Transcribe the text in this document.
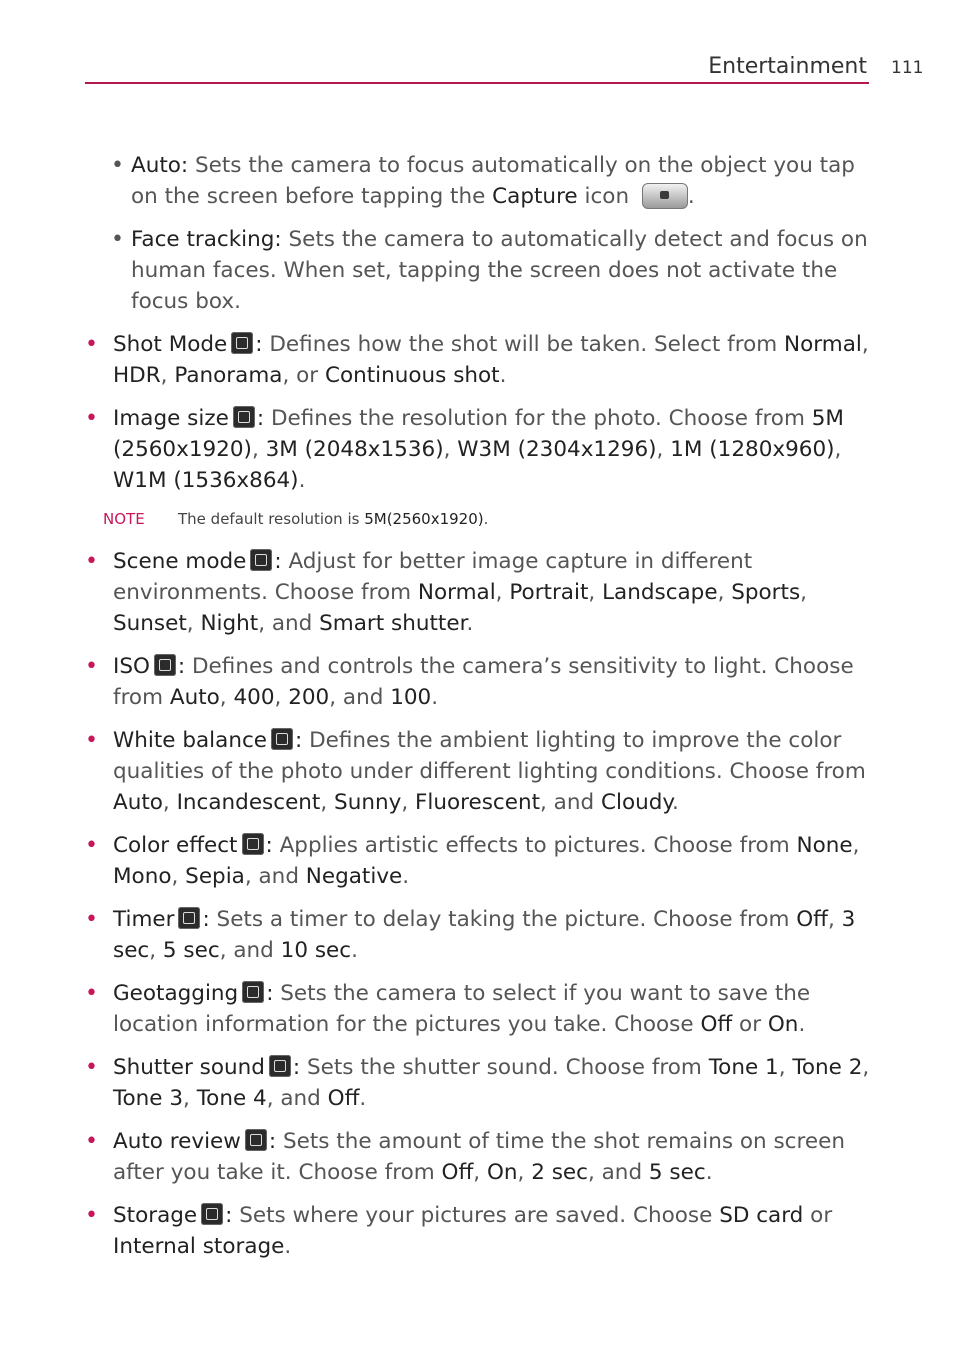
Entertainment 111
• Auto: Sets the camera to focus automatically on the object you tap on the screen before tapping the Capture icon .
• Face tracking: Sets the camera to automatically detect and focus on human faces. When set, tapping the screen does not activate the focus box.
• Shot Mode : Defines how the shot will be taken. Select from Normal, HDR, Panorama, or Continuous shot.
• Image size : Defines the resolution for the photo. Choose from 5M (2560x1920), 3M (2048x1536), W3M (2304x1296), 1M (1280x960), W1M (1536x864).
NOTE The default resolution is 5M(2560x1920).
• Scene mode : Adjust for better image capture in different environments. Choose from Normal, Portrait, Landscape, Sports, Sunset, Night, and Smart shutter.
• ISO : Defines and controls the camera’s sensitivity to light. Choose from Auto, 400, 200, and 100.
• White balance : Defines the ambient lighting to improve the color qualities of the photo under different lighting conditions. Choose from Auto, Incandescent, Sunny, Fluorescent, and Cloudy.
• Color effect : Applies artistic effects to pictures. Choose from None, Mono, Sepia, and Negative.
• Timer : Sets a timer to delay taking the picture. Choose from Off, 3 sec, 5 sec, and 10 sec.
• Geotagging : Sets the camera to select if you want to save the location information for the pictures you take. Choose Off or On.
• Shutter sound : Sets the shutter sound. Choose from Tone 1, Tone 2, Tone 3, Tone 4, and Off.
• Auto review : Sets the amount of time the shot remains on screen after you take it. Choose from Off, On, 2 sec, and 5 sec.
• Storage : Sets where your pictures are saved. Choose SD card or Internal storage.
